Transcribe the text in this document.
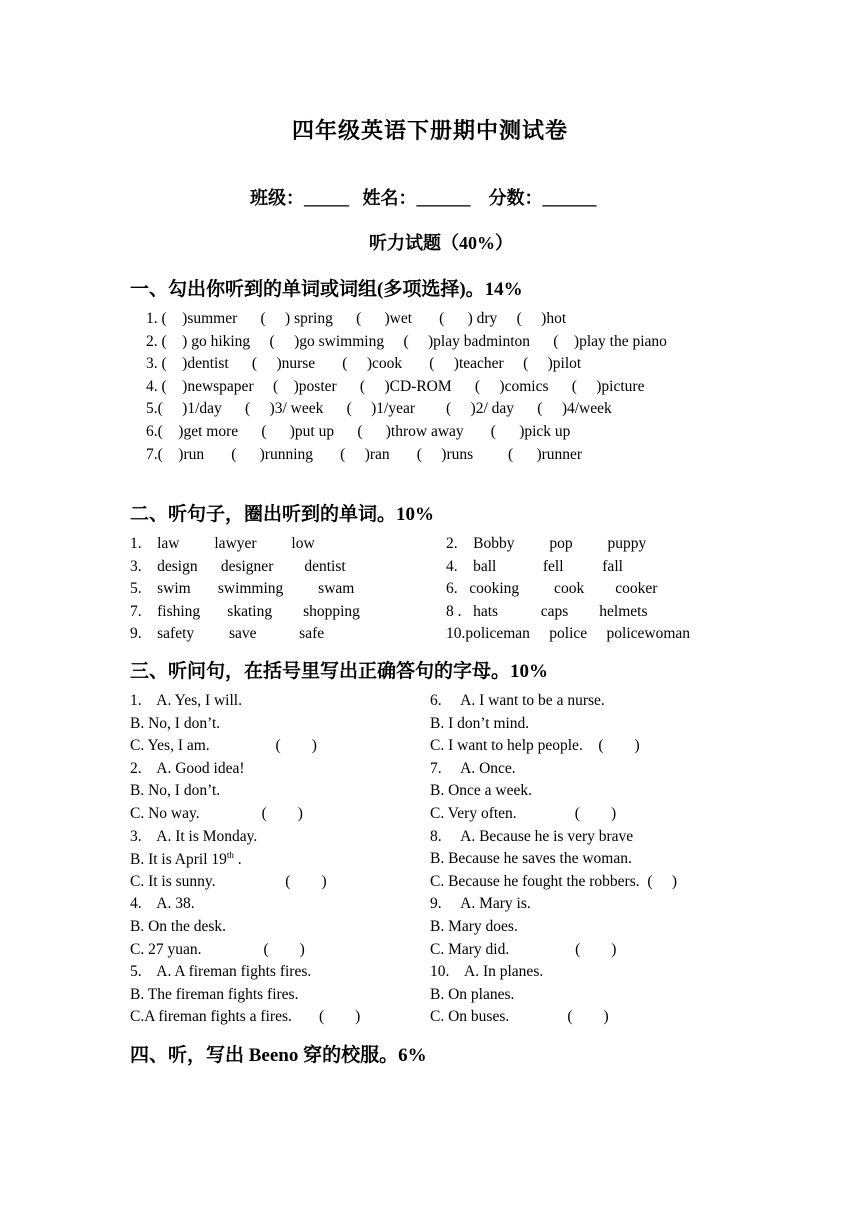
四年级英语下册期中测试卷
班级：_____   姓名：______    分数：______
听力试题（40%）
一、勾出你听到的单词或词组(多项选择)。14%
1. (    )summer      (     ) spring      (      )wet       (      ) dry     (     )hot
2. (    ) go hiking     (     )go swimming     (     )play badminton      (    )play the piano
3. (    )dentist      (     )nurse       (     )cook       (     )teacher     (     )pilot
4. (    )newspaper     (    )poster      (     )CD-ROM      (     )comics      (     )picture
5.(     )1/day      (     )3/ week      (     )1/year        (     )2/ day      (     )4/week
6.(    )get more      (      )put up      (      )throw away       (      )pick up
7.(    )run       (      )running       (     )ran       (     )runs         (      )runner
二、听句子，圈出听到的单词。10%
1.    law         lawyer         low
3.    design      designer        dentist
5.    swim       swimming         swam
7.    fishing       skating        shopping
9.    safety         save           safe
2.    Bobby         pop         puppy
4.    ball            fell          fall
6.   cooking         cook        cooker
8 .   hats           caps        helmets
10.policeman     police     policewoman
三、听问句，在括号里写出正确答句的字母。10%
1.    A. Yes, I will.
B. No, I don’t.
C. Yes, I am.                 (        )
2.    A. Good idea!
B. No, I don’t.
C. No way.                (        )
3.    A. It is Monday.
B. It is April 19th .
C. It is sunny.                  (        )
4.    A. 38.
B. On the desk.
C. 27 yuan.                (        )
5.    A. A fireman fights fires.
B. The fireman fights fires.
C.A fireman fights a fires.       (        )
6.     A. I want to be a nurse.
B. I don’t mind.
C. I want to help people.    (        )
7.     A. Once.
B. Once a week.
C. Very often.               (        )
8.     A. Because he is very brave
B. Because he saves the woman.
C. Because he fought the robbers.  (     )
9.     A. Mary is.
B. Mary does.
C. Mary did.                 (        )
10.    A. In planes.
B. On planes.
C. On buses.               (        )
四、听，写出 Beeno 穿的校服。6%
